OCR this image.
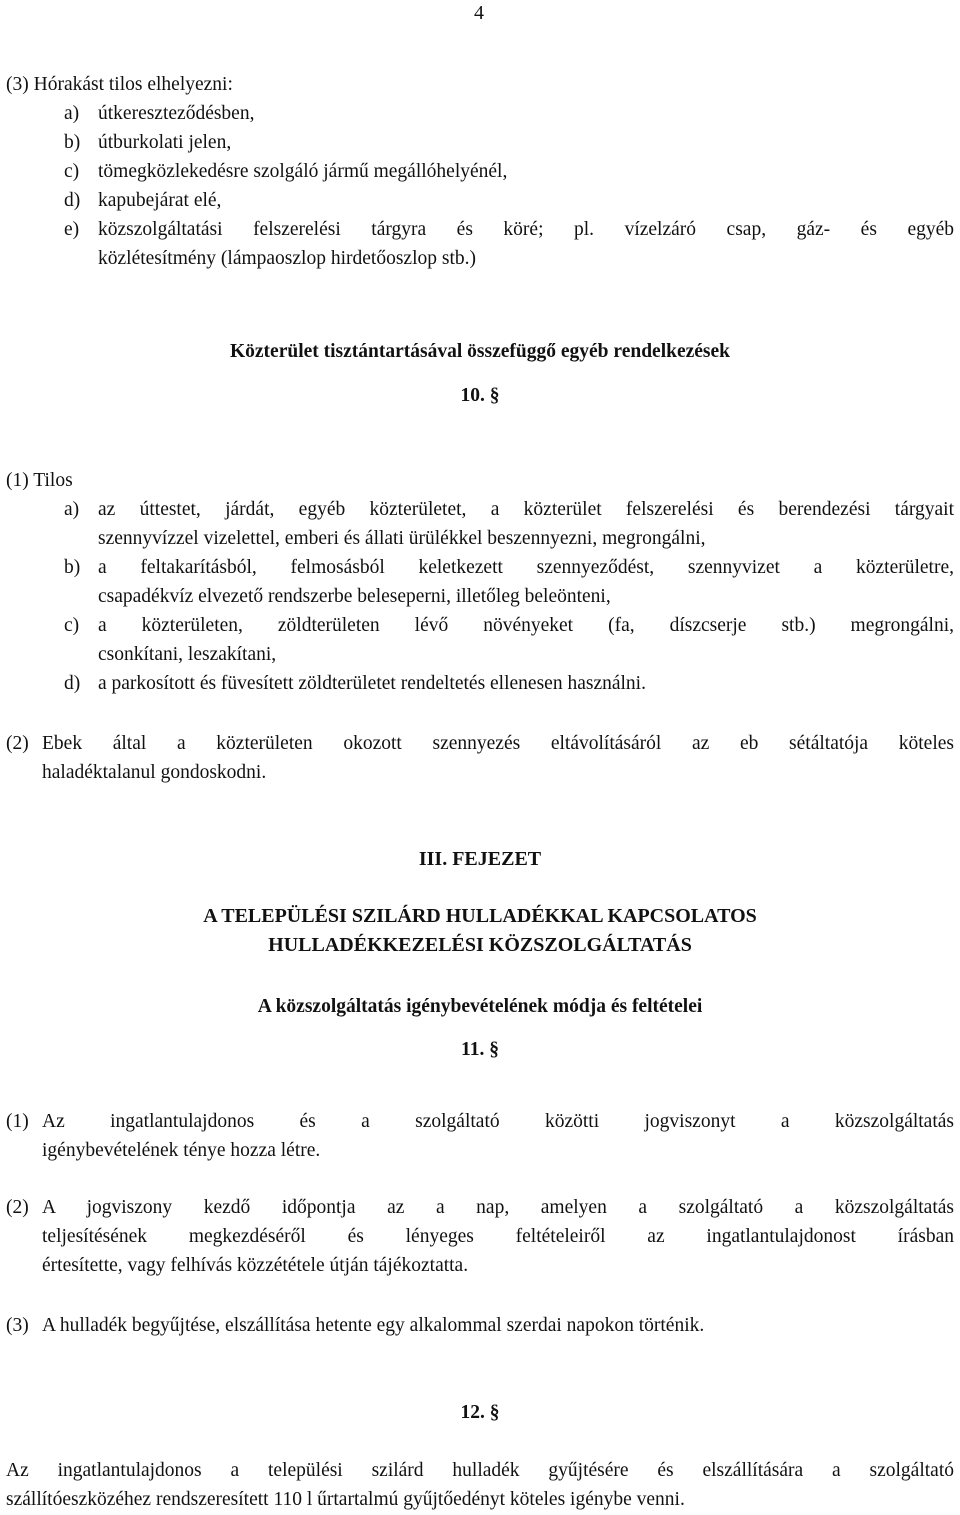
4
(3) Hórakást tilos elhelyezni:
a) útkereszteződésben,
b) útburkolati jelen,
c) tömegközlekedésre szolgáló jármű megállóhelyénél,
d) kapubejárat elé,
e) közszolgáltatási felszerelési tárgyra és köré; pl. vízelzáró csap, gáz- és egyéb
közlétesítmény (lámpaoszlop hirdetőoszlop stb.)
Közterület tisztántartásával összefüggő egyéb rendelkezések
10. §
(1) Tilos
a) az úttestet, járdát, egyéb közterületet, a közterület felszerelési és berendezési tárgyait
szennyvízzel vizelettel, emberi és állati ürülékkel beszennyezni, megrongálni,
b) a feltakarításból, felmosásból keletkezett szennyeződést, szennyvizet a közterületre,
csapadékvíz elvezető rendszerbe beleseperni, illetőleg beleönteni,
c) a közterületen, zöldterületen lévő növényeket (fa, díszcserje stb.) megrongálni,
csonkítani, leszakítani,
d) a parkosított és füvesített zöldterületet rendeltetés ellenesen használni.
(2) Ebek által a közterületen okozott szennyezés eltávolításáról az eb sétáltatója köteles
haladéktalanul gondoskodni.
III. FEJEZET
A TELEPÜLÉSI SZILÁRD HULLADÉKKAL KAPCSOLATOS
HULLADÉKKEZELÉSI KÖZSZOLGÁLTATÁS
A közszolgáltatás igénybevételének módja és feltételei
11. §
(1) Az ingatlantulajdonos és a szolgáltató közötti jogviszonyt a közszolgáltatás
igénybevételének ténye hozza létre.
(2) A jogviszony kezdő időpontja az a nap, amelyen a szolgáltató a közszolgáltatás
teljesítésének megkezdéséről és lényeges feltételeiről az ingatlantulajdonost írásban
értesítette, vagy felhívás közzététele útján tájékoztatta.
(3) A hulladék begyűjtése, elszállítása hetente egy alkalommal szerdai napokon történik.
12. §
Az ingatlantulajdonos a települési szilárd hulladék gyűjtésére és elszállítására a szolgáltató
szállítóeszközéhez rendszeresített 110 l űrtartalmú gyűjtőedényt köteles igénybe venni.
